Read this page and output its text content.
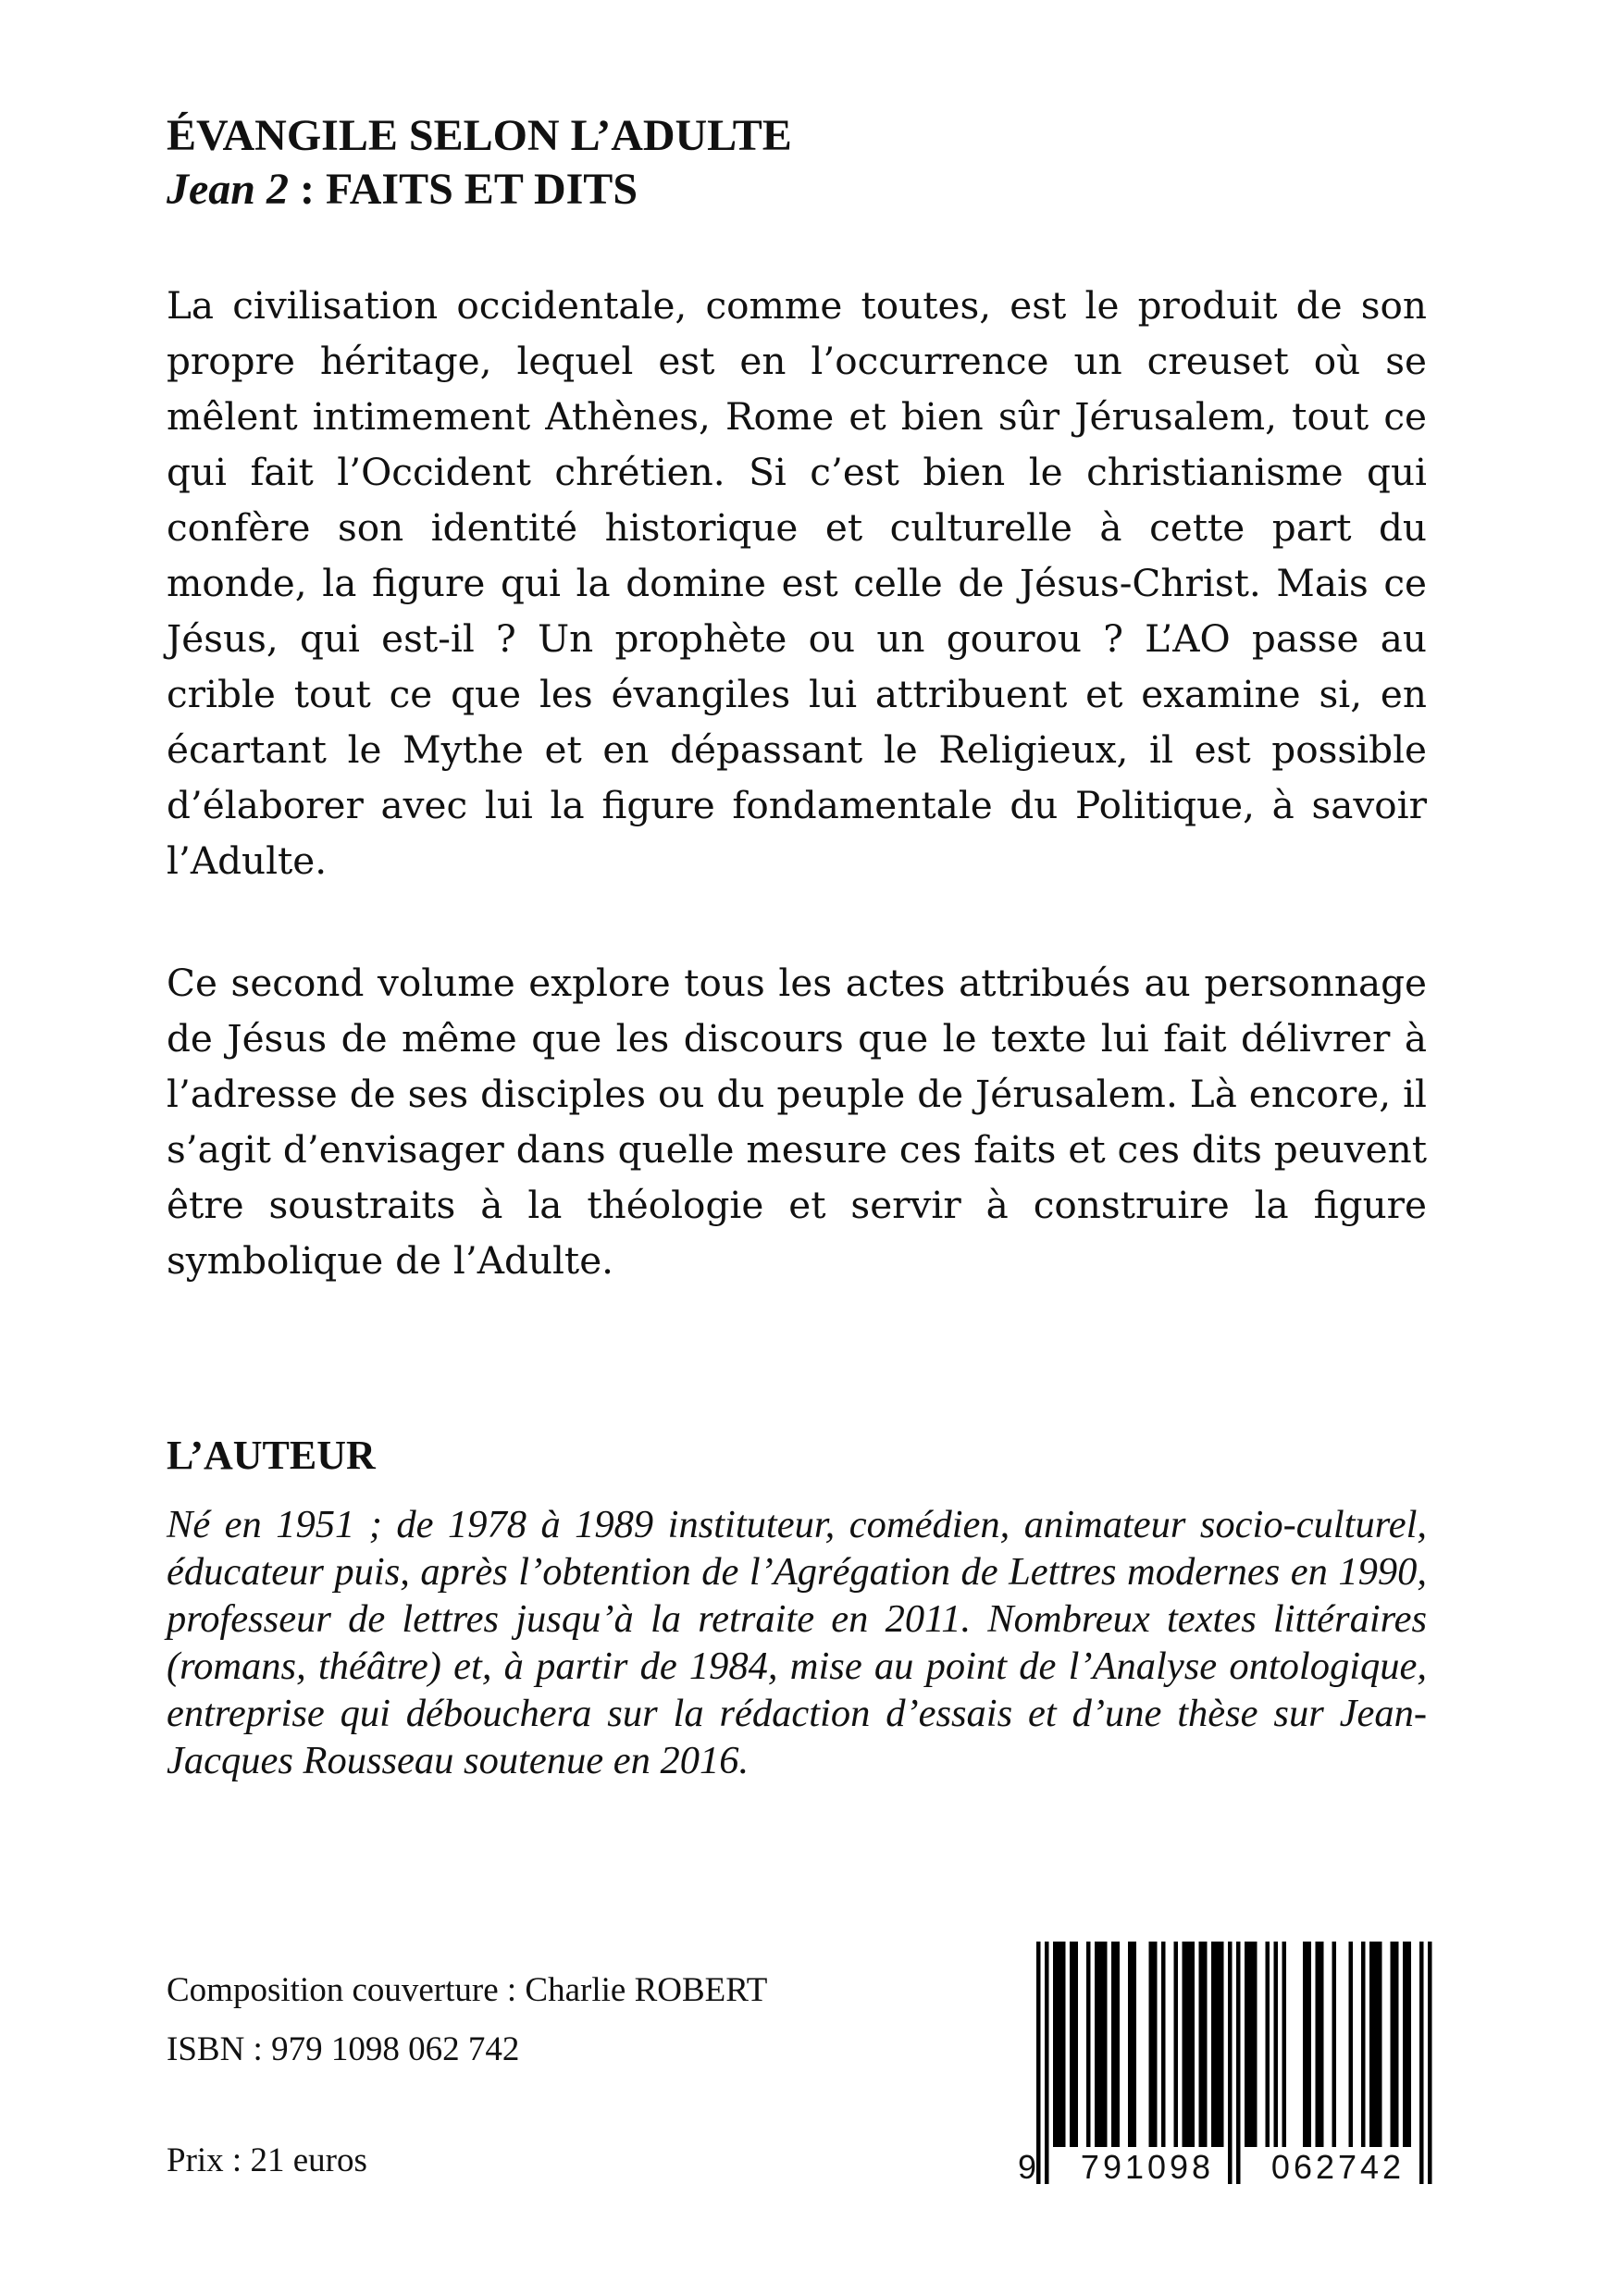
ÉVANGILE SELON L’ADULTE
Jean 2 : FAITS ET DITS

La civilisation occidentale, comme toutes, est le produit de son propre héritage, lequel est en l’occurrence un creuset où se mêlent intimement Athènes, Rome et bien sûr Jérusalem, tout ce qui fait l’Occident chrétien. Si c’est bien le christianisme qui confère son identité historique et culturelle à cette part du monde, la figure qui la domine est celle de Jésus-Christ. Mais ce Jésus, qui est-il ? Un prophète ou un gourou ? L’AO passe au crible tout ce que les évangiles lui attribuent et examine si, en écartant le Mythe et en dépassant le Religieux, il est possible d’élaborer avec lui la figure fondamentale du Politique, à savoir l’Adulte.

Ce second volume explore tous les actes attribués au personnage de Jésus de même que les discours que le texte lui fait délivrer à l’adresse de ses disciples ou du peuple de Jérusalem. Là encore, il s’agit d’envisager dans quelle mesure ces faits et ces dits peuvent être soustraits à la théologie et servir à construire la figure symbolique de l’Adulte.

L’AUTEUR

Né en 1951 ; de 1978 à 1989 instituteur, comédien, animateur socio-culturel, éducateur puis, après l’obtention de l’Agrégation de Lettres modernes en 1990, professeur de lettres jusqu’à la retraite en 2011. Nombreux textes littéraires (romans, théâtre) et, à partir de 1984, mise au point de l’Analyse ontologique, entreprise qui débouchera sur la rédaction d’essais et d’une thèse sur Jean-Jacques Rousseau soutenue en 2016.

Composition couverture : Charlie ROBERT
ISBN : 979 1098 062 742
Prix : 21 euros	9 791098	062742
